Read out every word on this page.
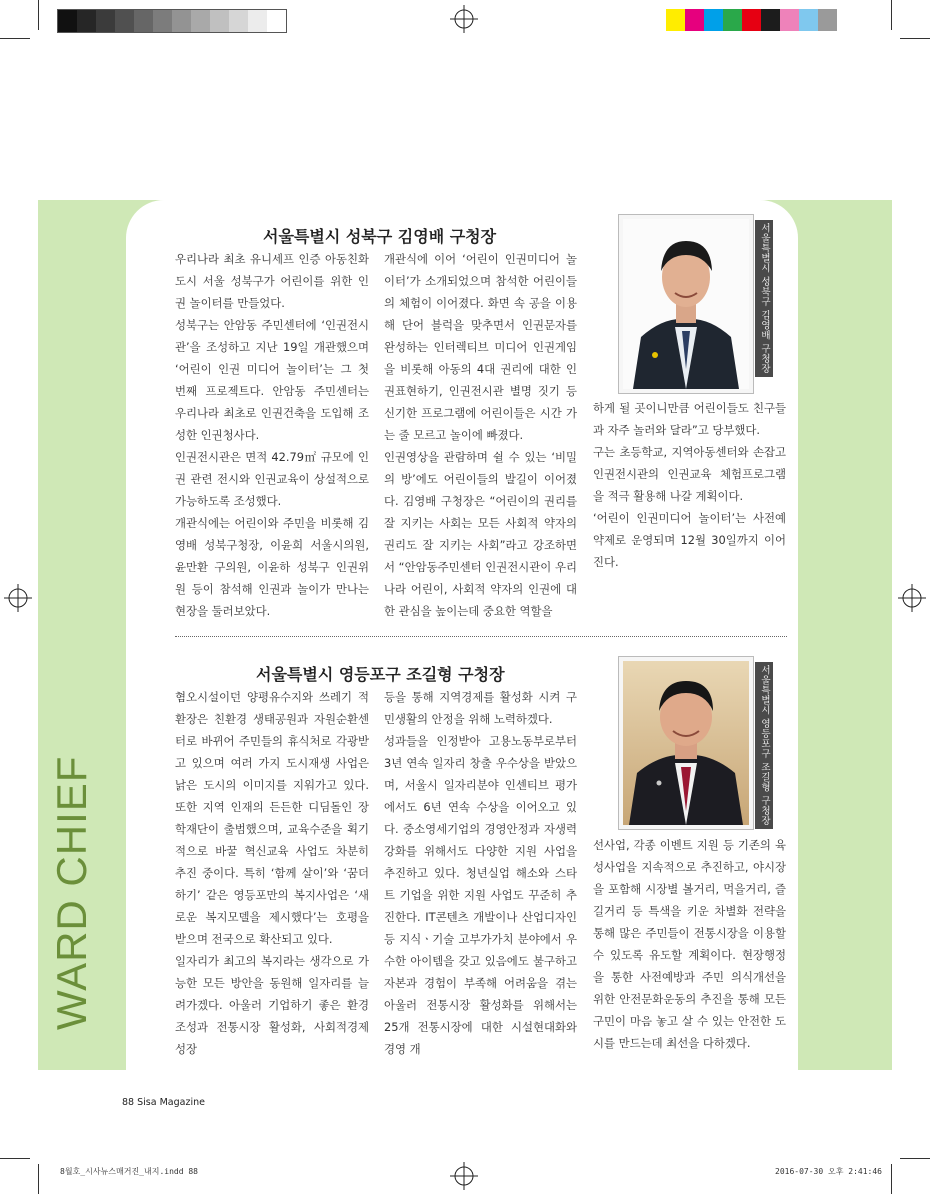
WARD CHIEF
서울특별시 성북구 김영배 구청장

우리나라 최초 유니세프 인증 아동친화도시 서울 성북구가 어린이를 위한 인권 놀이터를 만들었다.

성북구는 안암동 주민센터에 ‘인권전시관’을 조성하고 지난 19일 개관했으며 ‘어린이 인권 미디어 놀이터’는 그 첫 번째 프로젝트다. 안암동 주민센터는 우리나라 최초로 인권건축을 도입해 조성한 인권청사다.

인권전시관은 면적 42.79㎡ 규모에 인권 관련 전시와 인권교육이 상설적으로 가능하도록 조성했다.

개관식에는 어린이와 주민을 비롯해 김영배 성북구청장, 이윤희 서울시의원, 윤만환 구의원, 이윤하 성북구 인권위원 등이 참석해 인권과 놀이가 만나는 현장을 둘러보았다.

개관식에 이어 ‘어린이 인권미디어 놀이터’가 소개되었으며 참석한 어린이들의 체험이 이어졌다. 화면 속 공을 이용해 단어 블럭을 맞추면서 인권문자를 완성하는 인터렉티브 미디어 인권게임을 비롯해 아동의 4대 권리에 대한 인권표현하기, 인권전시관 별명 짓기 등 신기한 프로그램에 어린이들은 시간 가는 줄 모르고 놀이에 빠졌다.

인권영상을 관람하며 쉴 수 있는 ‘비밀의 방’에도 어린이들의 발길이 이어졌다. 김영배 구청장은 “어린이의 권리를 잘 지키는 사회는 모든 사회적 약자의 권리도 잘 지키는 사회”라고 강조하면서 “안암동주민센터 인권전시관이 우리나라 어린이, 사회적 약자의 인권에 대한 관심을 높이는데 중요한 역할을

서울특별시 성북구 김영배 구청장

하게 될 곳이니만큼 어린이들도 친구들과 자주 놀러와 달라”고 당부했다.

구는 초등학교, 지역아동센터와 손잡고 인권전시관의 인권교육 체험프로그램을 적극 활용해 나갈 계획이다.

‘어린이 인권미디어 놀이터’는 사전예약제로 운영되며 12월 30일까지 이어진다.

서울특별시 영등포구 조길형 구청장

혐오시설이던 양평유수지와 쓰레기 적환장은 친환경 생태공원과 자원순환센터로 바뀌어 주민들의 휴식처로 각광받고 있으며 여러 가지 도시재생 사업은 낡은 도시의 이미지를 지워가고 있다. 또한 지역 인재의 든든한 디딤돌인 장학재단이 출범했으며, 교육수준을 획기적으로 바꿀 혁신교육 사업도 차분히 추진 중이다. 특히 ‘함께 살이’와 ‘꿈더하기’ 같은 영등포만의 복지사업은 ‘새로운 복지모델을 제시했다’는 호평을 받으며 전국으로 확산되고 있다.

일자리가 최고의 복지라는 생각으로 가능한 모든 방안을 동원해 일자리를 늘려가겠다. 아울러 기업하기 좋은 환경 조성과 전통시장 활성화, 사회적경제 성장

등을 통해 지역경제를 활성화 시켜 구민생활의 안정을 위해 노력하겠다.

성과들을 인정받아 고용노동부로부터 3년 연속 일자리 창출 우수상을 받았으며, 서울시 일자리분야 인센티브 평가에서도 6년 연속 수상을 이어오고 있다. 중소영세기업의 경영안정과 자생력 강화를 위해서도 다양한 지원 사업을 추진하고 있다. 청년실업 해소와 스타트 기업을 위한 지원 사업도 꾸준히 추진한다. IT콘텐츠 개발이나 산업디자인 등 지식ㆍ기술 고부가가치 분야에서 우수한 아이템을 갖고 있음에도 불구하고 자본과 경험이 부족해 어려움을 겪는 아울러 전통시장 활성화를 위해서는 25개 전통시장에 대한 시설현대화와 경영 개

서울특별시 영등포구 조길형 구청장

선사업, 각종 이벤트 지원 등 기존의 육성사업을 지속적으로 추진하고, 야시장을 포함해 시장별 볼거리, 먹을거리, 즐길거리 등 특색을 키운 차별화 전략을 통해 많은 주민들이 전통시장을 이용할 수 있도록 유도할 계획이다. 현장행정을 통한 사전예방과 주민 의식개선을 위한 안전문화운동의 추진을 통해 모든 구민이 마음 놓고 살 수 있는 안전한 도시를 만드는데 최선을 다하겠다.

88 Sisa Magazine
8월호_시사뉴스매거진_내지.indd 88	2016-07-30 오후 2:41:46
